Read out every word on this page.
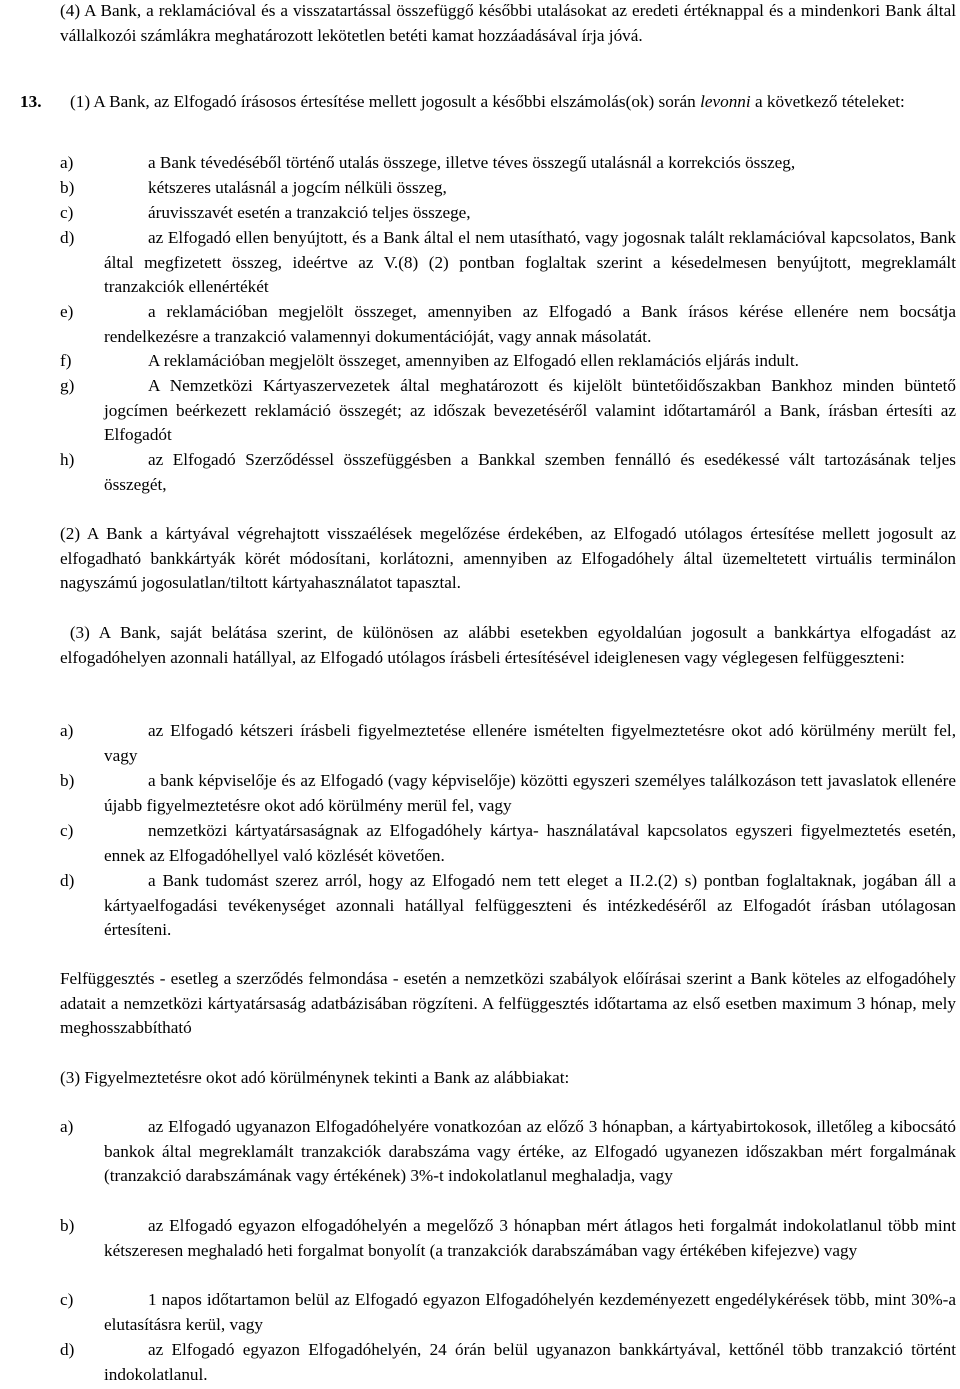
(4) A Bank, a reklamációval és a visszatartással összefüggő későbbi utalásokat az eredeti értéknappal és a mindenkori Bank által vállalkozói számlákra meghatározott lekötetlen betéti kamat hozzáadásával írja jóvá.

13.	(1) A Bank, az Elfogadó írásosos értesítése mellett jogosult a későbbi elszámolás(ok) során levonni a következő tételeket:

a)	a Bank tévedéséből történő utalás összege, illetve téves összegű utalásnál a korrekciós összeg,

b)	kétszeres utalásnál a jogcím nélküli összeg,

c)	áruvisszavét esetén a tranzakció teljes összege,

d)	az Elfogadó ellen benyújtott, és a Bank által el nem utasítható, vagy jogosnak talált reklamációval kapcsolatos, Bank által megfizetett összeg, ideértve az V.(8) (2) pontban foglaltak szerint a késedelmesen benyújtott, megreklamált tranzakciók ellenértékét

e)	a reklamációban megjelölt összeget, amennyiben az Elfogadó a Bank írásos kérése ellenére nem bocsátja rendelkezésre a tranzakció valamennyi dokumentációját, vagy annak másolatát.

f)	A reklamációban megjelölt összeget, amennyiben az Elfogadó ellen reklamációs eljárás indult.

g)	A Nemzetközi Kártyaszervezetek által meghatározott és kijelölt büntetőidőszakban Bankhoz minden büntető jogcímen beérkezett reklamáció összegét; az időszak bevezetéséről valamint időtartamáról a Bank, írásban értesíti az Elfogadót

h)	az Elfogadó Szerződéssel összefüggésben a Bankkal szemben fennálló és esedékessé vált tartozásának teljes összegét,

(2) A Bank a kártyával végrehajtott visszaélések megelőzése érdekében, az Elfogadó utólagos értesítése mellett jogosult az elfogadható bankkártyák körét módosítani, korlátozni, amennyiben az Elfogadóhely által üzemeltetett virtuális terminálon nagyszámú jogosulatlan/tiltott kártyahasználatot tapasztal.

(3) A Bank, saját belátása szerint, de különösen az alábbi esetekben egyoldalúan jogosult a bankkártya elfogadást az elfogadóhelyen azonnali hatállyal, az Elfogadó utólagos írásbeli értesítésével ideiglenesen vagy véglegesen felfüggeszteni:

a)	az Elfogadó kétszeri írásbeli figyelmeztetése ellenére ismételten figyelmeztetésre okot adó körülmény merült fel, vagy

b)	a bank képviselője és az Elfogadó (vagy képviselője) közötti egyszeri személyes találkozáson tett javaslatok ellenére újabb figyelmeztetésre okot adó körülmény merül fel, vagy

c)	nemzetközi kártyatársaságnak az Elfogadóhely kártya- használatával kapcsolatos egyszeri figyelmeztetés esetén, ennek az Elfogadóhellyel való közlését követően.

d)	a Bank tudomást szerez arról, hogy az Elfogadó nem tett eleget a II.2.(2) s) pontban foglaltaknak, jogában áll a kártyaelfogadási tevékenységet azonnali hatállyal felfüggeszteni és intézkedéséről az Elfogadót írásban utólagosan értesíteni.

Felfüggesztés - esetleg a szerződés felmondása - esetén a nemzetközi szabályok előírásai szerint a Bank köteles az elfogadóhely adatait a nemzetközi kártyatársaság adatbázisában rögzíteni. A felfüggesztés időtartama az első esetben maximum 3 hónap, mely meghosszabbítható

(3) Figyelmeztetésre okot adó körülménynek tekinti a Bank az alábbiakat:

a)	az Elfogadó ugyanazon Elfogadóhelyére vonatkozóan az előző 3 hónapban, a kártyabirtokosok, illetőleg a kibocsátó bankok által megreklamált tranzakciók darabszáma vagy értéke, az Elfogadó ugyanezen időszakban mért forgalmának (tranzakció darabszámának vagy értékének) 3%-t indokolatlanul meghaladja, vagy

b)	az Elfogadó egyazon elfogadóhelyén a megelőző 3 hónapban mért átlagos heti forgalmát indokolatlanul több mint kétszeresen meghaladó heti forgalmat bonyolít (a tranzakciók darabszámában vagy értékében kifejezve) vagy

c)	1 napos időtartamon belül az Elfogadó egyazon Elfogadóhelyén kezdeményezett engedélykérések több, mint 30%-a elutasításra kerül, vagy

d)	az Elfogadó egyazon Elfogadóhelyén, 24 órán belül ugyanazon bankkártyával, kettőnél több tranzakció történt indokolatlanul.
